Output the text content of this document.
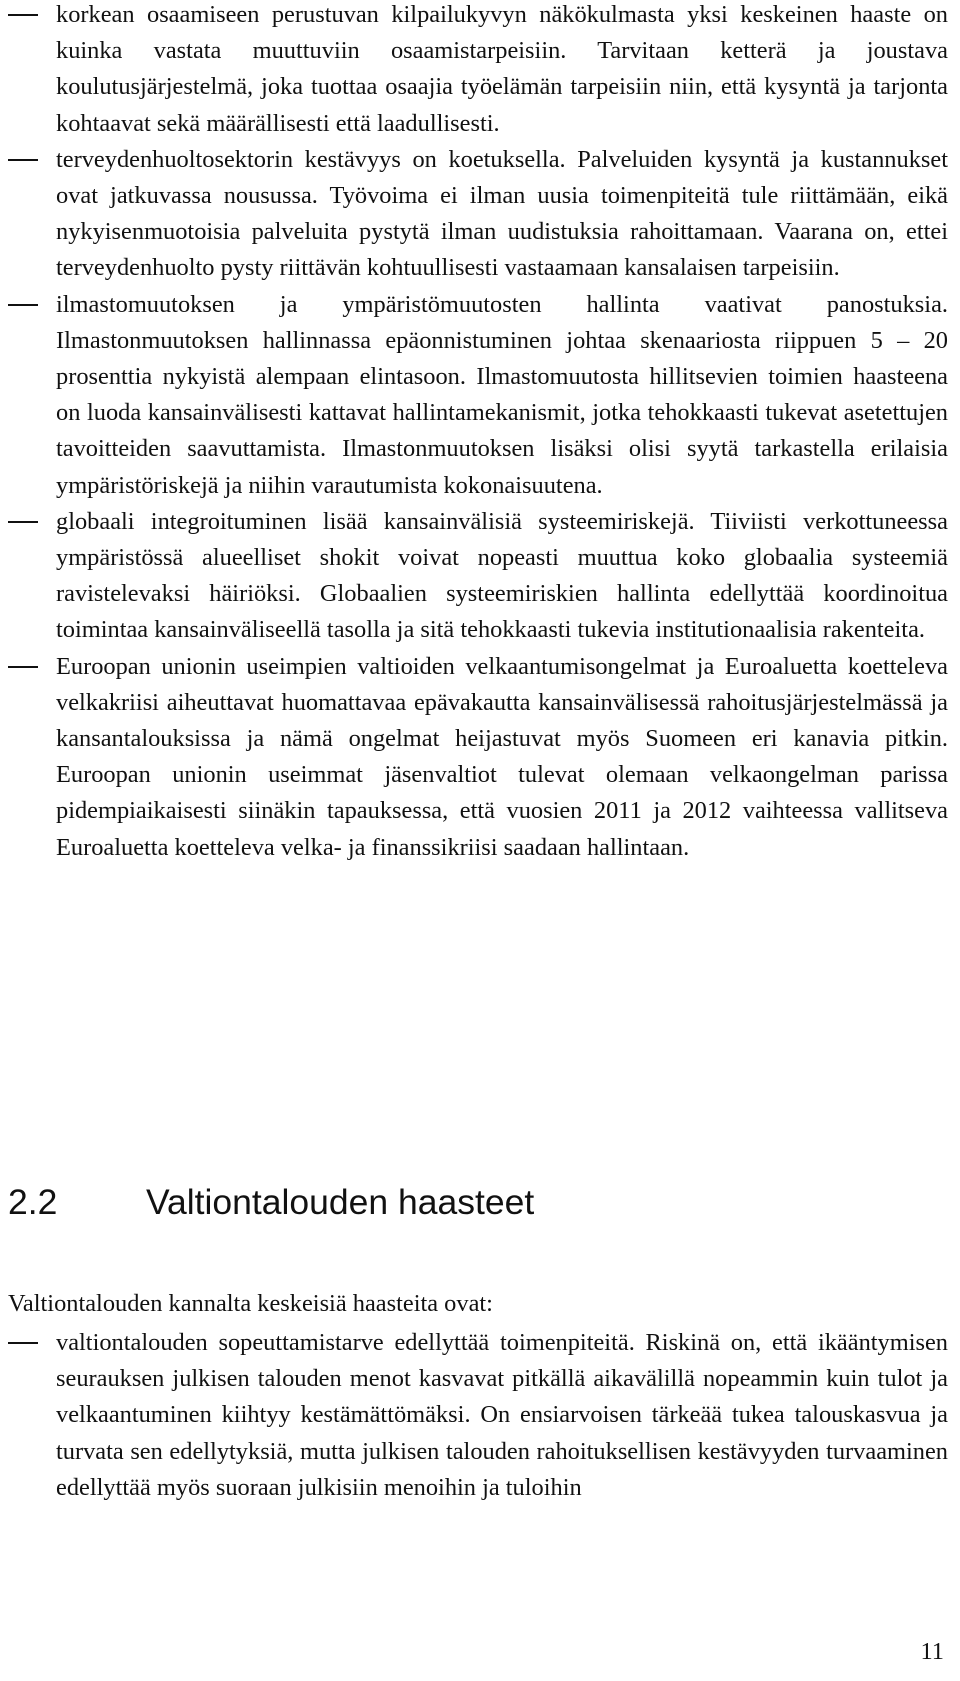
korkean osaamiseen perustuvan kilpailukyvyn näkökulmasta yksi keskeinen haaste on kuinka vastata muuttuviin osaamistarpeisiin. Tarvitaan ketterä ja joustava koulutusjärjestelmä, joka tuottaa osaajia työelämän tarpeisiin niin, että kysyntä ja tarjonta kohtaavat sekä määrällisesti että laadullisesti.
terveydenhuoltosektorin kestävyys on koetuksella. Palveluiden kysyntä ja kustannukset ovat jatkuvassa nousussa. Työvoima ei ilman uusia toimenpiteitä tule riittämään, eikä nykyisenmuotoisia palveluita pystytä ilman uudistuksia rahoittamaan. Vaarana on, ettei terveydenhuolto pysty riittävän kohtuullisesti vastaamaan kansalaisen tarpeisiin.
ilmastomuutoksen ja ympäristömuutosten hallinta vaativat panostuksia. Ilmastonmuutoksen hallinnassa epäonnistuminen johtaa skenaariosta riippuen 5 – 20 prosenttia nykyistä alempaan elintasoon. Ilmastomuutosta hillitsevien toimien haasteena on luoda kansainvälisesti kattavat hallintamekanismit, jotka tehokkaasti tukevat asetettujen tavoitteiden saavuttamista. Ilmastonmuutoksen lisäksi olisi syytä tarkastella erilaisia ympäristöriskejä ja niihin varautumista kokonaisuutena.
globaali integroituminen lisää kansainvälisiä systeemiriskejä. Tiiviisti verkottuneessa ympäristössä alueelliset shokit voivat nopeasti muuttua koko globaalia systeemiä ravistelevaksi häiriöksi. Globaalien systeemiriskien hallinta edellyttää koordinoitua toimintaa kansainväliseellä tasolla ja sitä tehokkaasti tukevia institutionaalisia rakenteita.
Euroopan unionin useimpien valtioiden velkaantumisongelmat ja Euroaluetta koetteleva velkakriisi aiheuttavat huomattavaa epävakautta kansainvälisessä rahoitusjärjestelmässä ja kansantalouksissa ja nämä ongelmat heijastuvat myös Suomeen eri kanavia pitkin. Euroopan unionin useimmat jäsenvaltiot tulevat olemaan velkaongelman parissa pidempiaikaisesti siinäkin tapauksessa, että vuosien 2011 ja 2012 vaihteessa vallitseva Euroaluetta koetteleva velka- ja finanssikriisi saadaan hallintaan.
2.2 Valtiontalouden haasteet

Valtiontalouden kannalta keskeisiä haasteita ovat:

valtiontalouden sopeuttamistarve edellyttää toimenpiteitä. Riskinä on, että ikääntymisen seurauksen julkisen talouden menot kasvavat pitkällä aikavälillä nopeammin kuin tulot ja velkaantuminen kiihtyy kestämättömäksi. On ensiarvoisen tärkeää tukea talouskasvua ja turvata sen edellytyksiä, mutta julkisen talouden rahoituksellisen kestävyyden turvaaminen edellyttää myös suoraan julkisiin menoihin ja tuloihin
11
